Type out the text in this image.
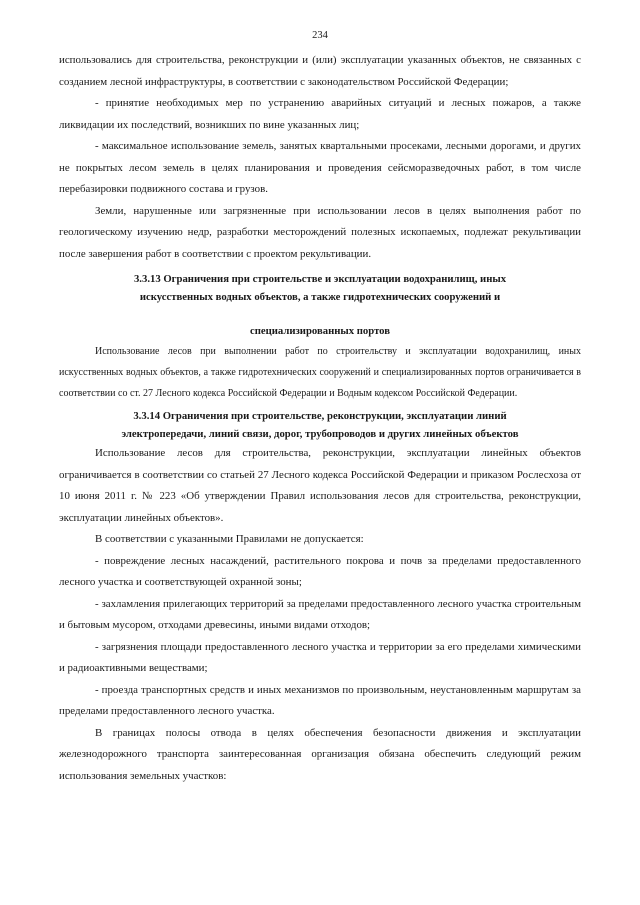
234

использовались для строительства, реконструкции и (или) эксплуатации указанных объектов, не связанных с созданием лесной инфраструктуры, в соответствии с законодательством Российской Федерации;

- принятие необходимых мер по устранению аварийных ситуаций и лесных пожаров, а также ликвидации их последствий, возникших по вине указанных лиц;

- максимальное использование земель, занятых квартальными просеками, лесными дорогами, и других не покрытых лесом земель в целях планирования и проведения сейсморазведочных работ, в том числе перебазировки подвижного состава и грузов.

Земли, нарушенные или загрязненные при использовании лесов в целях выполнения работ по геологическому изучению недр, разработки месторождений полезных ископаемых, подлежат рекультивации после завершения работ в соответствии с проектом рекультивации.

3.3.13 Ограничения при строительстве и эксплуатации водохранилищ, иных
искусственных водных объектов, а также гидротехнических сооружений и
специализированных портов

Использование лесов при выполнении работ по строительству и эксплуатации водохранилищ, иных искусственных водных объектов, а также гидротехнических сооружений и специализированных портов ограничивается в соответствии со ст. 27 Лесного кодекса Российской Федерации и Водным кодексом Российской Федерации.

3.3.14 Ограничения при строительстве, реконструкции, эксплуатации линий
электропередачи, линий связи, дорог, трубопроводов и других линейных объектов

Использование лесов для строительства, реконструкции, эксплуатации линейных объектов ограничивается в соответствии со статьей 27 Лесного кодекса Российской Федерации и приказом Рослесхоза от 10 июня 2011 г. № 223 «Об утверждении Правил использования лесов для строительства, реконструкции, эксплуатации линейных объектов».

В соответствии с указанными Правилами не допускается:

- повреждение лесных насаждений, растительного покрова и почв за пределами предоставленного лесного участка и соответствующей охранной зоны;

- захламления прилегающих территорий за пределами предоставленного лесного участка строительным и бытовым мусором, отходами древесины, иными видами отходов;

- загрязнения площади предоставленного лесного участка и территории за его пределами химическими и радиоактивными веществами;

- проезда транспортных средств и иных механизмов по произвольным, неустановленным маршрутам за пределами предоставленного лесного участка.

В границах полосы отвода в целях обеспечения безопасности движения и эксплуатации железнодорожного транспорта заинтересованная организация обязана обеспечить следующий режим использования земельных участков:
